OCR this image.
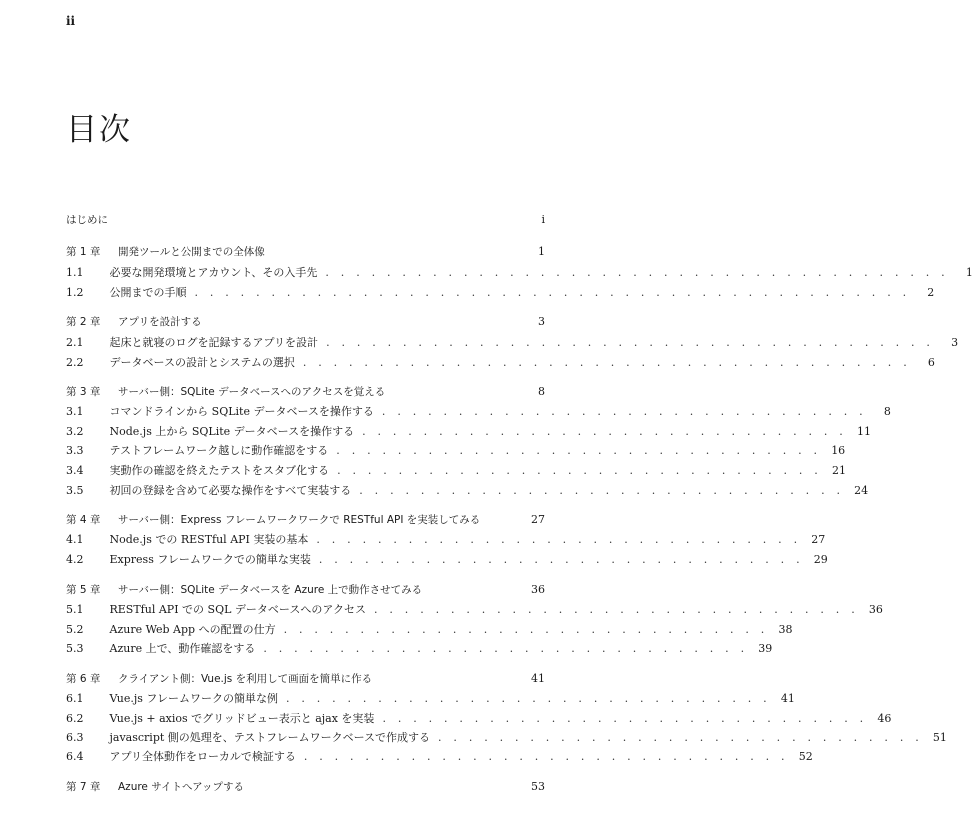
ii
目次
はじめに	i
第 1 章	開発ツールと公開までの全体像	1
1.1	必要な開発環境とアカウント、その入手先 . . . . . . . . . . . . . . . . . . . . . . . . . . . . . . . . . . . . . . . . .	1
1.2	公開までの手順 . . . . . . . . . . . . . . . . . . . . . . . . . . . . . . . . . . . . . . . . . . . . . . .	2
第 2 章	アプリを設計する	3
2.1	起床と就寝のログを記録するアプリを設計 . . . . . . . . . . . . . . . . . . . . . . . . . . . . . . . . . . . . . . . .	3
2.2	データベースの設計とシステムの選択 . . . . . . . . . . . . . . . . . . . . . . . . . . . . . . . . . . . . . . . .	6
第 3 章	サーバー側：SQLite データベースへのアクセスを覚える	8
3.1	コマンドラインから SQLite データベースを操作する . . . . . . . . . . . . . . . . . . . . . . . . . . . . . . . .	8
3.2	Node.js 上から SQLite データベースを操作する . . . . . . . . . . . . . . . . . . . . . . . . . . . . . . . . 11
3.3	テストフレームワーク越しに動作確認をする . . . . . . . . . . . . . . . . . . . . . . . . . . . . . . . . 16
3.4	実動作の確認を終えたテストをスタブ化する . . . . . . . . . . . . . . . . . . . . . . . . . . . . . . . . 21
3.5	初回の登録を含めて必要な操作をすべて実装する . . . . . . . . . . . . . . . . . . . . . . . . . . . . . . . . 24
第 4 章	サーバー側：Express フレームワークワークで RESTful API を実装してみる	27
4.1	Node.js での RESTful API 実装の基本 . . . . . . . . . . . . . . . . . . . . . . . . . . . . . . . . 27
4.2	Express フレームワークでの簡単な実装 . . . . . . . . . . . . . . . . . . . . . . . . . . . . . . . . 29
第 5 章	サーバー側：SQLite データベースを Azure 上で動作させてみる	36
5.1	RESTful API での SQL データベースへのアクセス . . . . . . . . . . . . . . . . . . . . . . . . . . . . . . . . 36
5.2	Azure Web App への配置の仕方 . . . . . . . . . . . . . . . . . . . . . . . . . . . . . . . . 38
5.3	Azure 上で、動作確認をする . . . . . . . . . . . . . . . . . . . . . . . . . . . . . . . . 39
第 6 章	クライアント側：Vue.js を利用して画面を簡単に作る	41
6.1	Vue.js フレームワークの簡単な例 . . . . . . . . . . . . . . . . . . . . . . . . . . . . . . . . 41
6.2	Vue.js + axios でグリッドビュー表示と ajax を実装 . . . . . . . . . . . . . . . . . . . . . . . . . . . . . . . . 46
6.3	javascript 側の処理を、テストフレームワークベースで作成する . . . . . . . . . . . . . . . . . . . . . . . . . . . . . . . . 51
6.4	アプリ全体動作をローカルで検証する . . . . . . . . . . . . . . . . . . . . . . . . . . . . . . . . 52
第 7 章	Azure サイトへアップする	53
